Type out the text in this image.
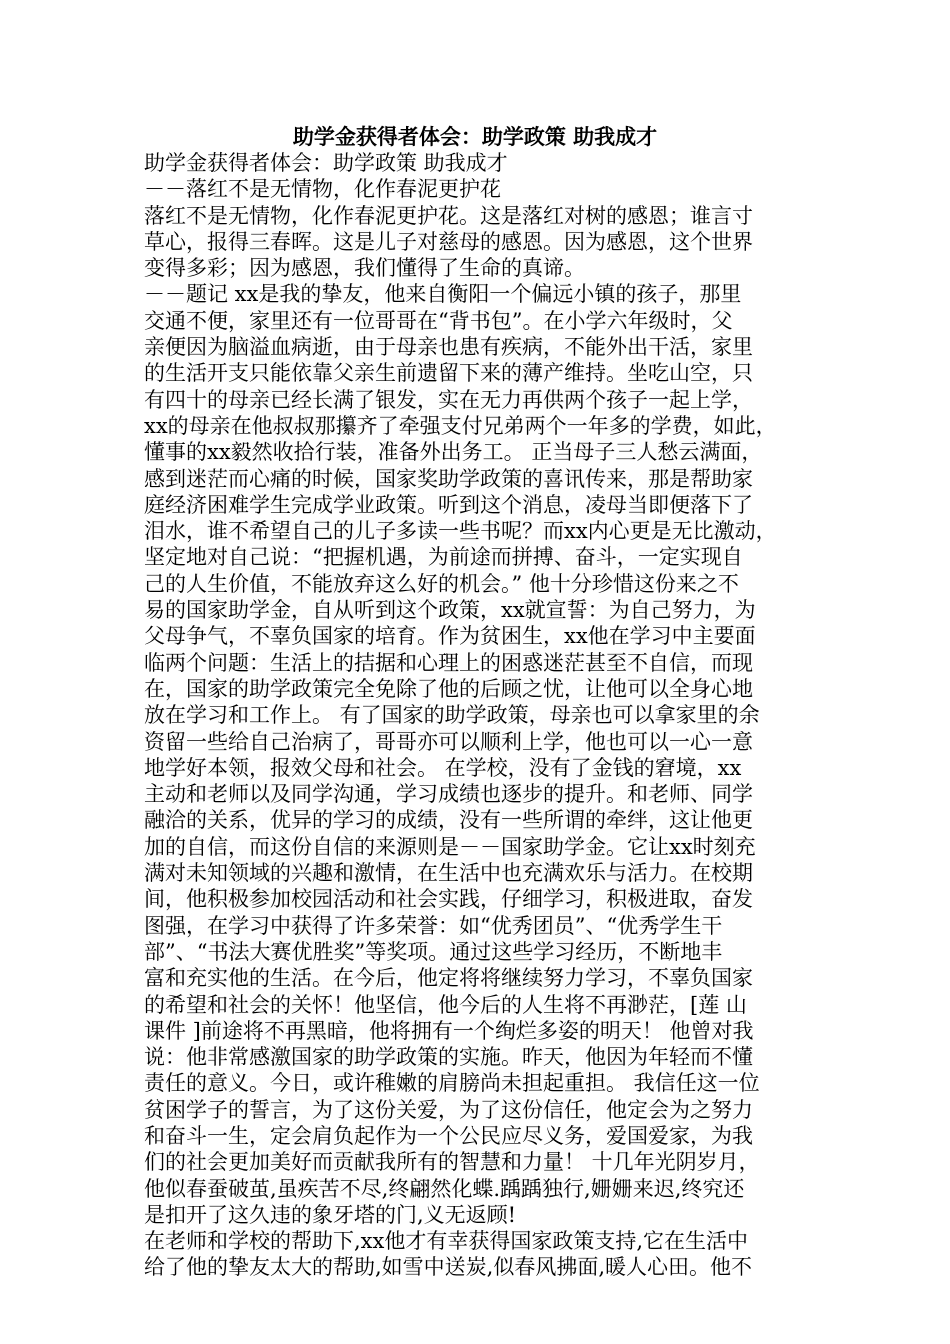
助学金获得者体会：助学政策 助我成才
助学金获得者体会：助学政策 助我成才
－－落红不是无情物，化作春泥更护花
落红不是无情物，化作春泥更护花。这是落红对树的感恩；谁言寸
草心，报得三春晖。这是儿子对慈母的感恩。因为感恩，这个世界
变得多彩；因为感恩，我们懂得了生命的真谛。
－－题记 xx是我的挚友，他来自衡阳一个偏远小镇的孩子，那里
交通不便，家里还有一位哥哥在“背书包”。在小学六年级时，父
亲便因为脑溢血病逝，由于母亲也患有疾病，不能外出干活，家里
的生活开支只能依靠父亲生前遗留下来的薄产维持。坐吃山空，只
有四十的母亲已经长满了银发，实在无力再供两个孩子一起上学，
xx的母亲在他叔叔那攥齐了牵强支付兄弟两个一年多的学费，如此，
懂事的xx毅然收拾行装，准备外出务工。 正当母子三人愁云满面，
感到迷茫而心痛的时候，国家奖助学政策的喜讯传来，那是帮助家
庭经济困难学生完成学业政策。听到这个消息，凌母当即便落下了
泪水，谁不希望自己的儿子多读一些书呢？而xx内心更是无比激动，
坚定地对自己说：“把握机遇，为前途而拼搏、奋斗，一定实现自
己的人生价值，不能放弃这么好的机会。” 他十分珍惜这份来之不
易的国家助学金，自从听到这个政策，xx就宣誓：为自己努力，为
父母争气，不辜负国家的培育。作为贫困生，xx他在学习中主要面
临两个问题：生活上的拮据和心理上的困惑迷茫甚至不自信，而现
在，国家的助学政策完全免除了他的后顾之忧，让他可以全身心地
放在学习和工作上。 有了国家的助学政策，母亲也可以拿家里的余
资留一些给自己治病了，哥哥亦可以顺利上学，他也可以一心一意
地学好本领，报效父母和社会。 在学校，没有了金钱的窘境，xx
主动和老师以及同学沟通，学习成绩也逐步的提升。和老师、同学
融洽的关系，优异的学习的成绩，没有一些所谓的牵绊，这让他更
加的自信，而这份自信的来源则是－－国家助学金。它让xx时刻充
满对未知领域的兴趣和激情，在生活中也充满欢乐与活力。在校期
间，他积极参加校园活动和社会实践，仔细学习，积极进取，奋发
图强，在学习中获得了许多荣誉：如“优秀团员”、“优秀学生干
部”、“书法大赛优胜奖”等奖项。通过这些学习经历，不断地丰
富和充实他的生活。在今后，他定将将继续努力学习，不辜负国家
的希望和社会的关怀！他坚信，他今后的人生将不再渺茫，[莲 山
课件 ]前途将不再黑暗，他将拥有一个绚烂多姿的明天！ 他曾对我
说：他非常感激国家的助学政策的实施。昨天，他因为年轻而不懂
责任的意义。今日，或许稚嫩的肩膀尚未担起重担。 我信任这一位
贫困学子的誓言，为了这份关爱，为了这份信任，他定会为之努力
和奋斗一生，定会肩负起作为一个公民应尽义务，爱国爱家，为我
们的社会更加美好而贡献我所有的智慧和力量！ 十几年光阴岁月，
他似春蚕破茧,虽疾苦不尽,终翩然化蝶.踽踽独行,姗姗来迟,终究还
是扣开了这久违的象牙塔的门,义无返顾!
在老师和学校的帮助下,xx他才有幸获得国家政策支持,它在生活中
给了他的挚友太大的帮助,如雪中送炭,似春风拂面,暖人心田。他不
